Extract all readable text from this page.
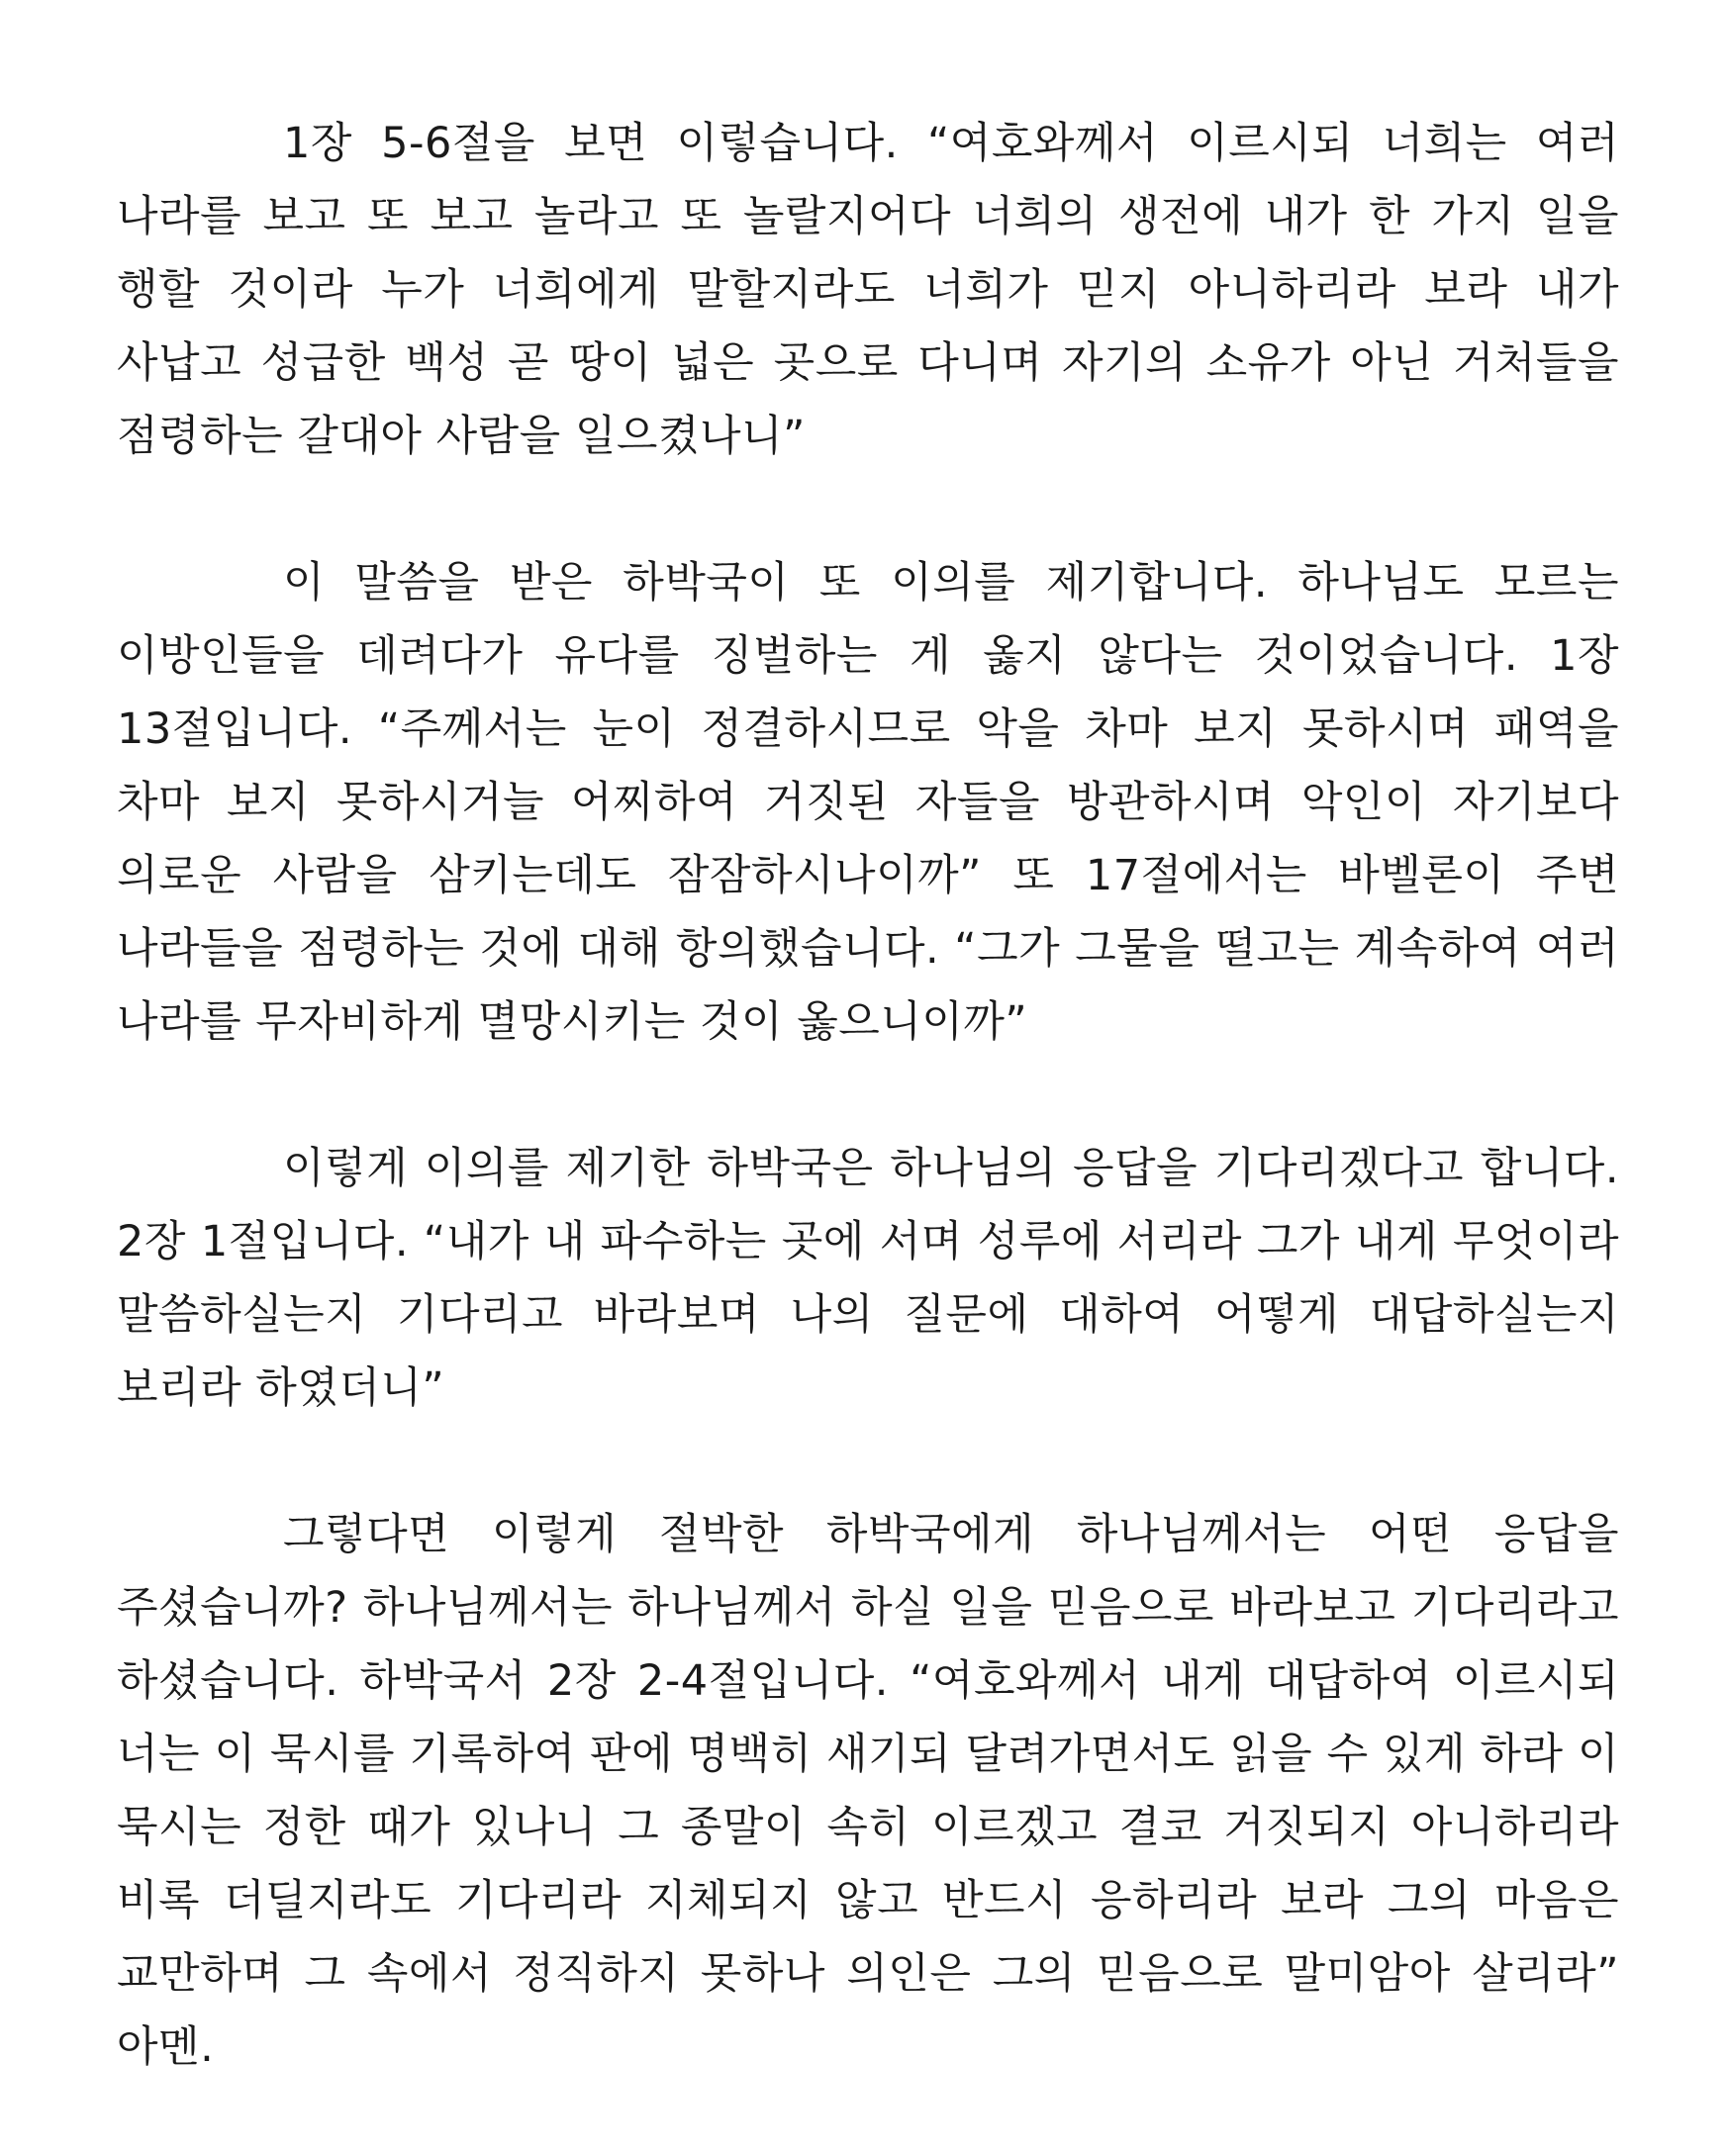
1장 5-6절을 보면 이렇습니다. “여호와께서 이르시되 너희는 여러 나라를 보고 또 보고 놀라고 또 놀랄지어다 너희의 생전에 내가 한 가지 일을 행할 것이라 누가 너희에게 말할지라도 너희가 믿지 아니하리라 보라 내가 사납고 성급한 백성 곧 땅이 넓은 곳으로 다니며 자기의 소유가 아닌 거처들을 점령하는 갈대아 사람을 일으켰나니”

이 말씀을 받은 하박국이 또 이의를 제기합니다. 하나님도 모르는 이방인들을 데려다가 유다를 징벌하는 게 옳지 않다는 것이었습니다. 1장 13절입니다. “주께서는 눈이 정결하시므로 악을 차마 보지 못하시며 패역을 차마 보지 못하시거늘 어찌하여 거짓된 자들을 방관하시며 악인이 자기보다 의로운 사람을 삼키는데도 잠잠하시나이까” 또 17절에서는 바벨론이 주변 나라들을 점령하는 것에 대해 항의했습니다. “그가 그물을 떨고는 계속하여 여러 나라를 무자비하게 멸망시키는 것이 옳으니이까”

이렇게 이의를 제기한 하박국은 하나님의 응답을 기다리겠다고 합니다. 2장 1절입니다. “내가 내 파수하는 곳에 서며 성루에 서리라 그가 내게 무엇이라 말씀하실는지 기다리고 바라보며 나의 질문에 대하여 어떻게 대답하실는지 보리라 하였더니”

그렇다면 이렇게 절박한 하박국에게 하나님께서는 어떤 응답을 주셨습니까? 하나님께서는 하나님께서 하실 일을 믿음으로 바라보고 기다리라고 하셨습니다. 하박국서 2장 2-4절입니다. “여호와께서 내게 대답하여 이르시되 너는 이 묵시를 기록하여 판에 명백히 새기되 달려가면서도 읽을 수 있게 하라 이 묵시는 정한 때가 있나니 그 종말이 속히 이르겠고 결코 거짓되지 아니하리라 비록 더딜지라도 기다리라 지체되지 않고 반드시 응하리라 보라 그의 마음은 교만하며 그 속에서 정직하지 못하나 의인은 그의 믿음으로 말미암아 살리라” 아멘.
